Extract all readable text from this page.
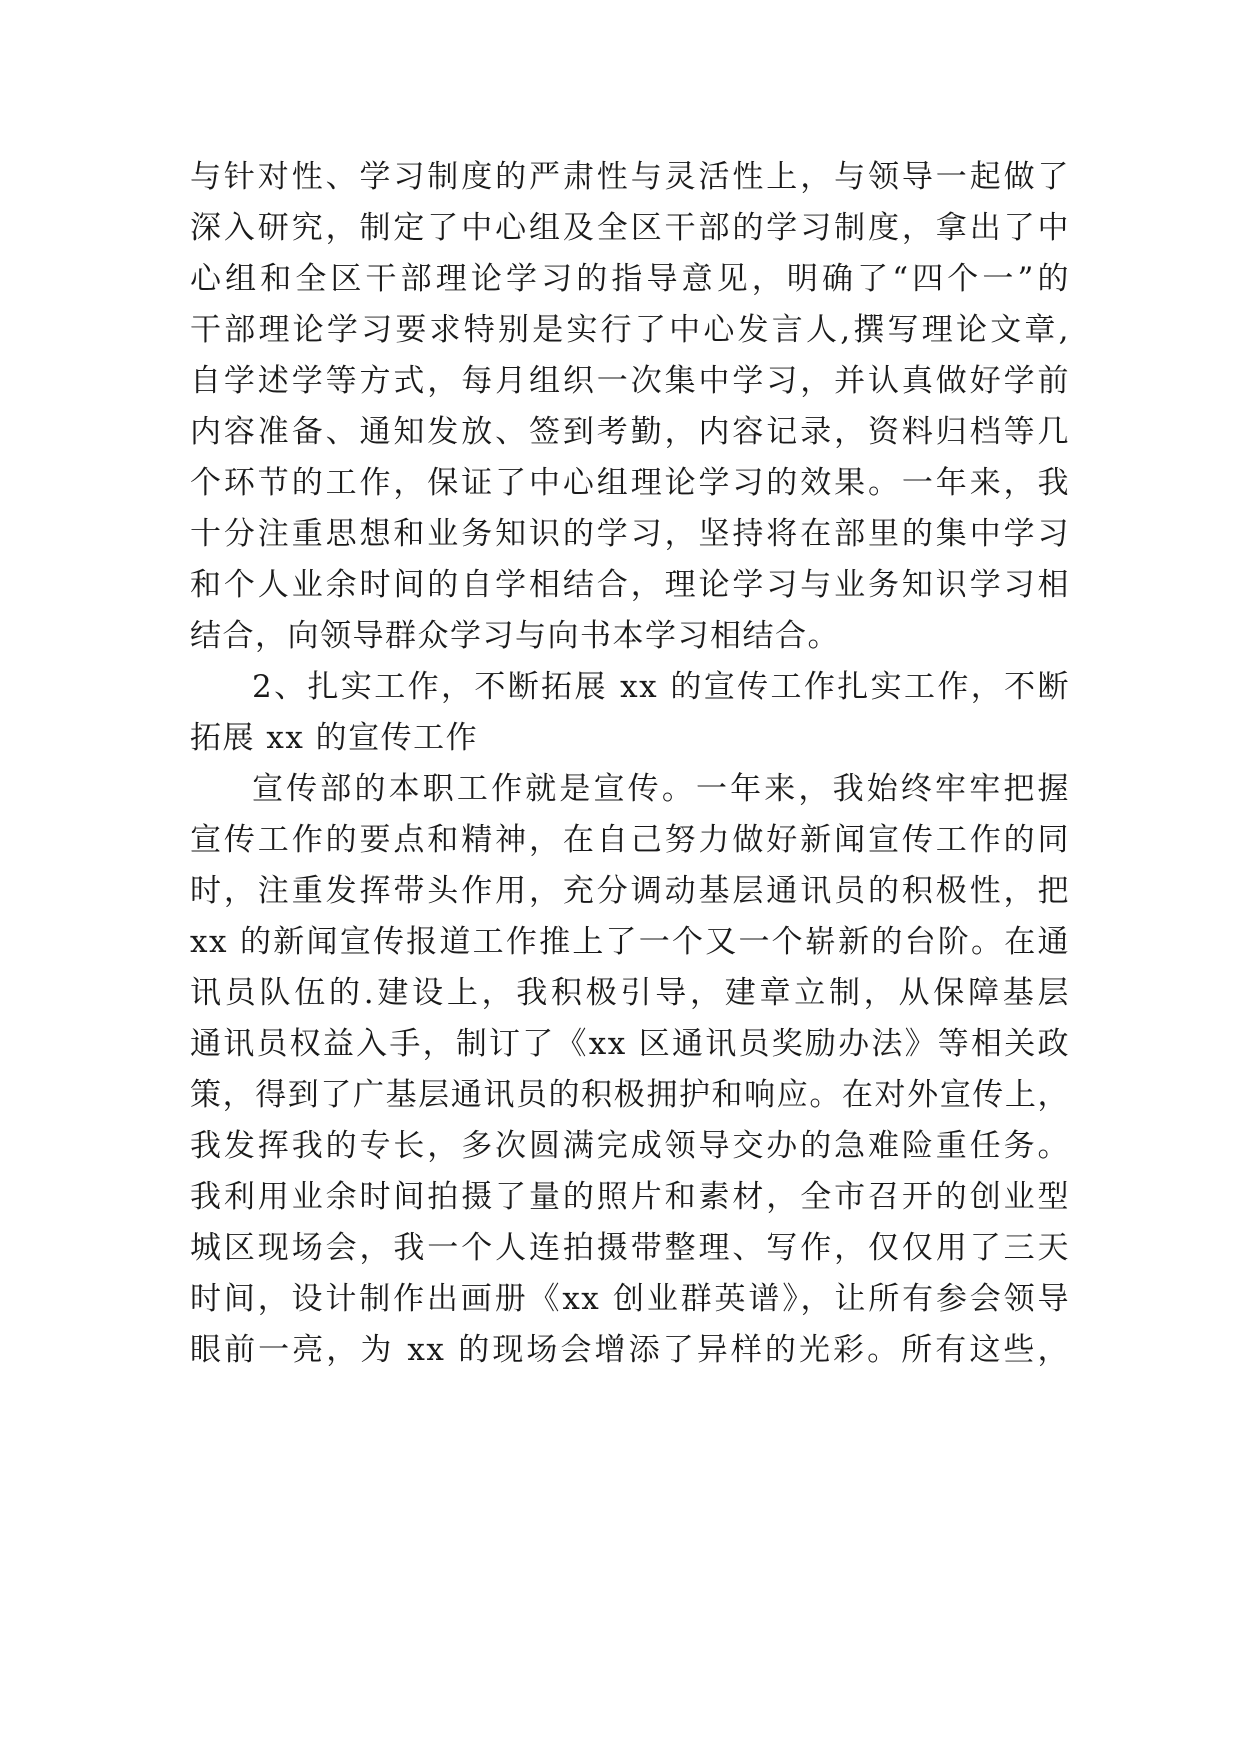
与针对性、学习制度的严肃性与灵活性上，与领导一起做了
深入研究，制定了中心组及全区干部的学习制度，拿出了中
心组和全区干部理论学习的指导意见，明确了“四个一”的
干部理论学习要求特别是实行了中心发言人,撰写理论文章,
自学述学等方式，每月组织一次集中学习，并认真做好学前
内容准备、通知发放、签到考勤，内容记录，资料归档等几
个环节的工作，保证了中心组理论学习的效果。一年来，我
十分注重思想和业务知识的学习，坚持将在部里的集中学习
和个人业余时间的自学相结合，理论学习与业务知识学习相
结合，向领导群众学习与向书本学习相结合。
2、扎实工作，不断拓展 xx 的宣传工作扎实工作，不断
拓展 xx 的宣传工作
宣传部的本职工作就是宣传。一年来，我始终牢牢把握
宣传工作的要点和精神，在自己努力做好新闻宣传工作的同
时，注重发挥带头作用，充分调动基层通讯员的积极性，把
xx 的新闻宣传报道工作推上了一个又一个崭新的台阶。在通
讯员队伍的.建设上，我积极引导，建章立制，从保障基层
通讯员权益入手，制订了《xx 区通讯员奖励办法》等相关政
策，得到了广基层通讯员的积极拥护和响应。在对外宣传上，
我发挥我的专长，多次圆满完成领导交办的急难险重任务。
我利用业余时间拍摄了量的照片和素材，全市召开的创业型
城区现场会，我一个人连拍摄带整理、写作，仅仅用了三天
时间，设计制作出画册《xx 创业群英谱》，让所有参会领导
眼前一亮，为 xx 的现场会增添了异样的光彩。所有这些，
